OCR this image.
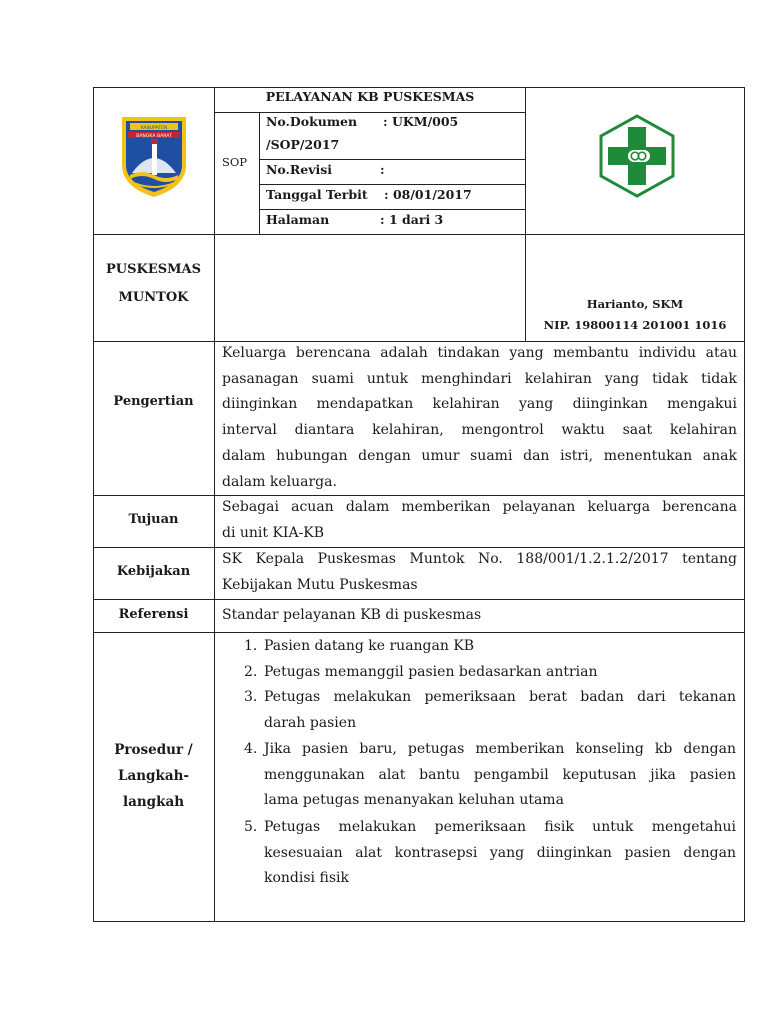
KABUPATEN
BANGKA BARAT
PELAYANAN KB PUSKESMAS
SOP
No.Dokumen : UKM/005
/SOP/2017
No.Revisi	:
Tanggal Terbit : 08/01/2017
Halaman	: 1 dari 3
PUSKESMAS
MUNTOK	Harianto, SKM
NIP. 19800114 201001 1016
Pengertian
Keluarga berencana adalah tindakan yang membantu individu atau
pasanagan suami untuk menghindari kelahiran yang tidak tidak
diinginkan mendapatkan kelahiran yang diinginkan mengakui
interval diantara kelahiran, mengontrol waktu saat kelahiran
dalam hubungan dengan umur suami dan istri, menentukan anak
dalam keluarga.
Tujuan
Sebagai acuan dalam memberikan pelayanan keluarga berencana
di unit KIA-KB
Kebijakan
SK Kepala Puskesmas Muntok No. 188/001/1.2.1.2/2017 tentang
Kebijakan Mutu Puskesmas
Referensi	Standar pelayanan KB di puskesmas
Prosedur /
Langkah-
langkah
1. Pasien datang ke ruangan KB
2. Petugas memanggil pasien bedasarkan antrian
3. Petugas melakukan pemeriksaan berat badan dari tekanan
darah pasien
4. Jika pasien baru, petugas memberikan konseling kb dengan
menggunakan alat bantu pengambil keputusan jika pasien
lama petugas menanyakan keluhan utama
5. Petugas melakukan pemeriksaan fisik untuk mengetahui
kesesuaian alat kontrasepsi yang diinginkan pasien dengan
kondisi fisik
